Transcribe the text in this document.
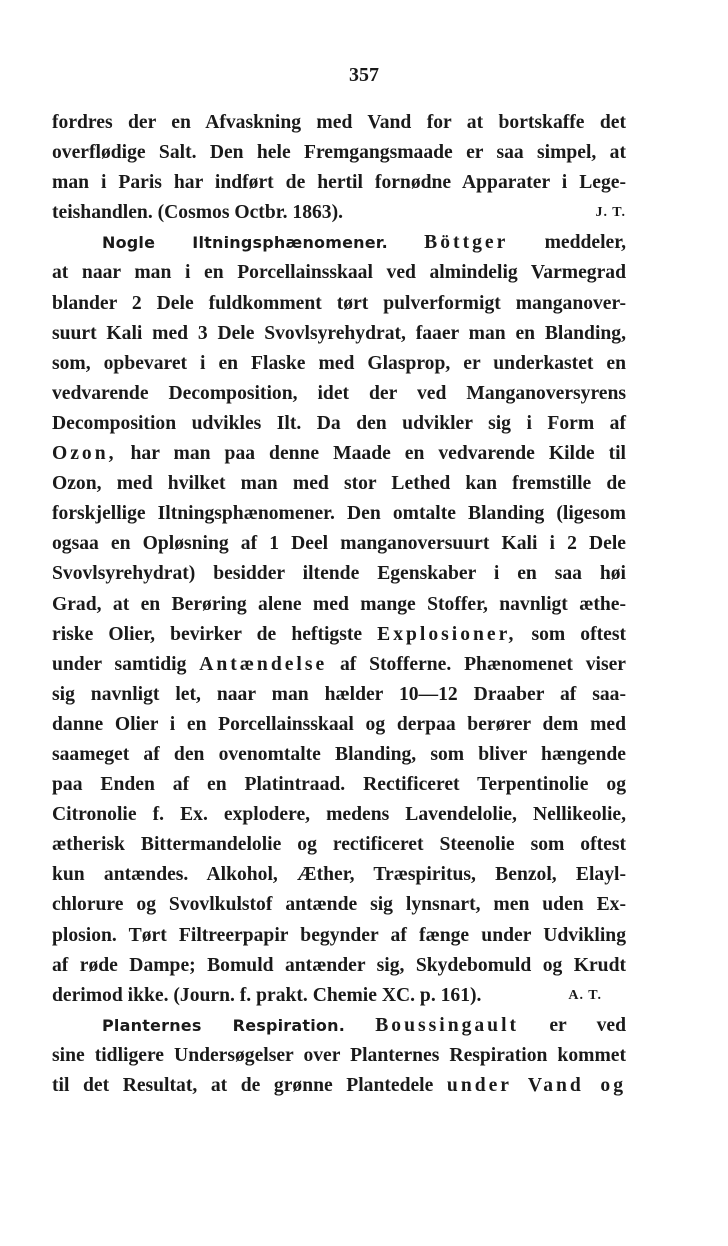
357
fordres der en Afvaskning med Vand for at bortskaffe det
overflødige Salt. Den hele Fremgangsmaade er saa simpel, at
man i Paris har indført de hertil fornødne Apparater i Lege-
teishandlen. (Cosmos Octbr. 1863).	J. T.
Nogle Iltningsphænomener. Böttger meddeler,
at naar man i en Porcellainsskaal ved almindelig Varmegrad
blander 2 Dele fuldkomment tørt pulverformigt manganover-
suurt Kali med 3 Dele Svovlsyrehydrat, faaer man en Blanding,
som, opbevaret i en Flaske med Glasprop, er underkastet en
vedvarende Decomposition, idet der ved Manganoversyrens
Decomposition udvikles Ilt. Da den udvikler sig i Form af
Ozon, har man paa denne Maade en vedvarende Kilde til
Ozon, med hvilket man med stor Lethed kan fremstille de
forskjellige Iltningsphænomener. Den omtalte Blanding (ligesom
ogsaa en Opløsning af 1 Deel manganoversuurt Kali i 2 Dele
Svovlsyrehydrat) besidder iltende Egenskaber i en saa høi
Grad, at en Berøring alene med mange Stoffer, navnligt æthe-
riske Olier, bevirker de heftigste Explosioner, som oftest
under samtidig Antændelse af Stofferne. Phænomenet viser
sig navnligt let, naar man hælder 10—12 Draaber af saa-
danne Olier i en Porcellainsskaal og derpaa berører dem med
saameget af den ovenomtalte Blanding, som bliver hængende
paa Enden af en Platintraad. Rectificeret Terpentinolie og
Citronolie f. Ex. explodere, medens Lavendelolie, Nellikeolie,
ætherisk Bittermandelolie og rectificeret Steenolie som oftest
kun antændes. Alkohol, Æther, Træspiritus, Benzol, Elayl-
chlorure og Svovlkulstof antænde sig lynsnart, men uden Ex-
plosion. Tørt Filtreerpapir begynder af fænge under Udvikling
af røde Dampe; Bomuld antænder sig, Skydebomuld og Krudt
derimod ikke. (Journ. f. prakt. Chemie XC. p. 161).	A. T.
Planternes Respiration. Boussingault er ved
sine tidligere Undersøgelser over Planternes Respiration kommet
til det Resultat, at de grønne Plantedele under Vand og
